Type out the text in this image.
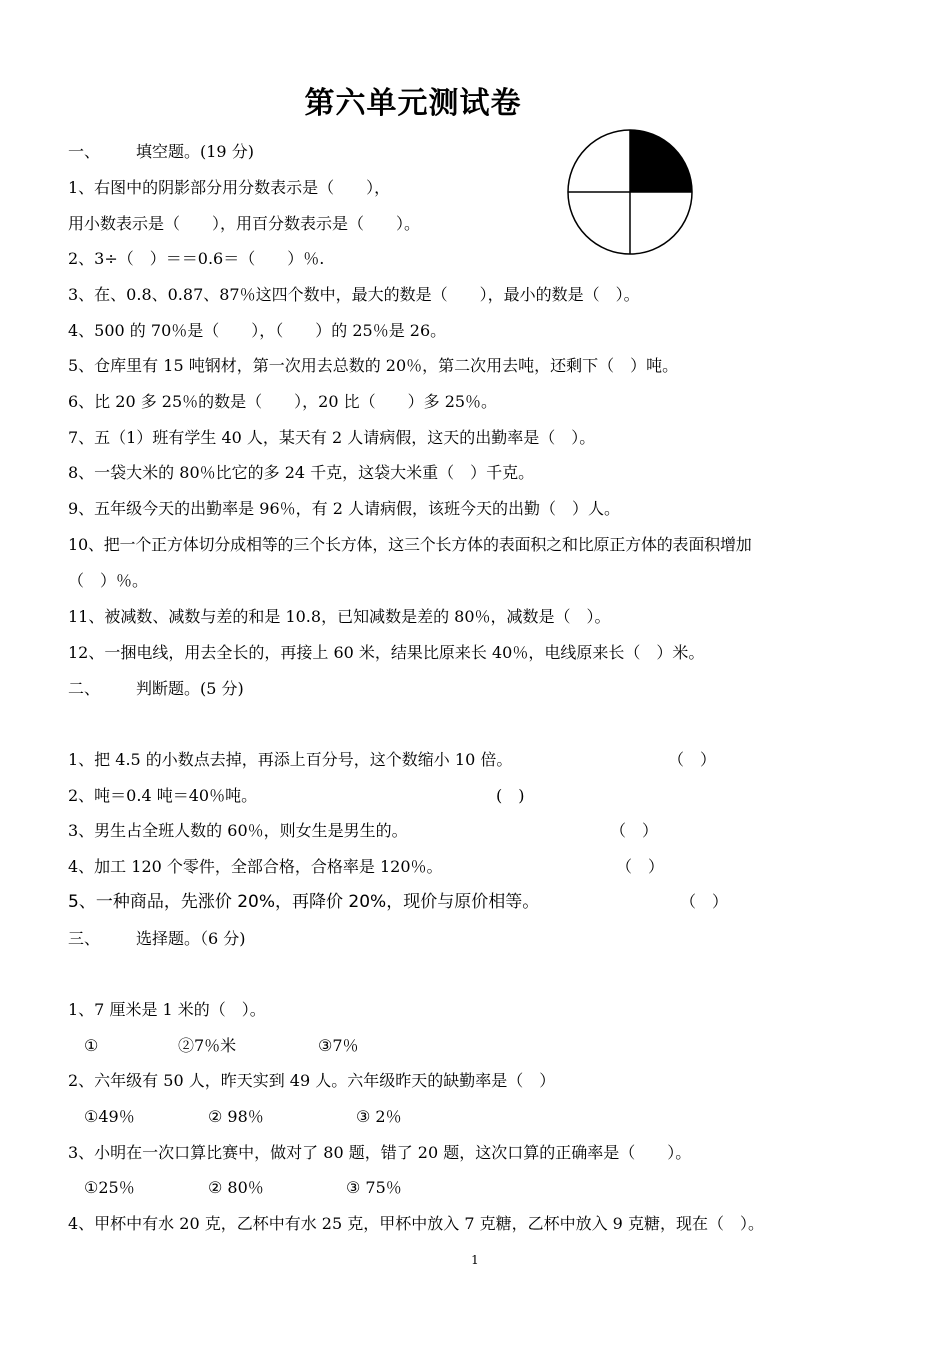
第六单元测试卷
一、 填空题。(19 分)
1、右图中的阴影部分用分数表示是（　　），
用小数表示是（　　），用百分数表示是（　　）。
2、3÷（　）＝＝0.6＝（　　）％.
3、在、0.8、0.87、87％这四个数中，最大的数是（　　），最小的数是（　）。
4、500 的 70％是（　　），（　　）的 25％是 26。
5、仓库里有 15 吨钢材，第一次用去总数的 20％，第二次用去吨，还剩下（　）吨。
6、比 20 多 25％的数是（　　），20 比（　　）多 25％。
7、五（1）班有学生 40 人，某天有 2 人请病假，这天的出勤率是（　）。
8、一袋大米的 80％比它的多 24 千克，这袋大米重（　）千克。
9、五年级今天的出勤率是 96％，有 2 人请病假，该班今天的出勤（　）人。
10、把一个正方体切分成相等的三个长方体，这三个长方体的表面积之和比原正方体的表面积增加
（　）％。
11、被减数、减数与差的和是 10.8，已知减数是差的 80％，减数是（　）。
12、一捆电线，用去全长的，再接上 60 米，结果比原来长 40％，电线原来长（　）米。
二、 判断题。(5 分)
1、把 4.5 的小数点去掉，再添上百分号，这个数缩小 10 倍。	（　）
2、吨＝0.4 吨＝40％吨。	(　)
3、男生占全班人数的 60％，则女生是男生的。	（　）
4、加工 120 个零件，全部合格，合格率是 120％。	（　）
5、一种商品，先涨价 20%，再降价 20%，现价与原价相等。	（　）
三、 选择题。（6 分)
1、7 厘米是 1 米的（　）。
①	②7％米	③7％
2、六年级有 50 人，昨天实到 49 人。六年级昨天的缺勤率是（　）
①49％	② 98％	③ 2％
3、小明在一次口算比赛中，做对了 80 题，错了 20 题，这次口算的正确率是（　　）。
①25％	② 80％	③ 75％
4、甲杯中有水 20 克，乙杯中有水 25 克，甲杯中放入 7 克糖，乙杯中放入 9 克糖，现在（　）。
1
